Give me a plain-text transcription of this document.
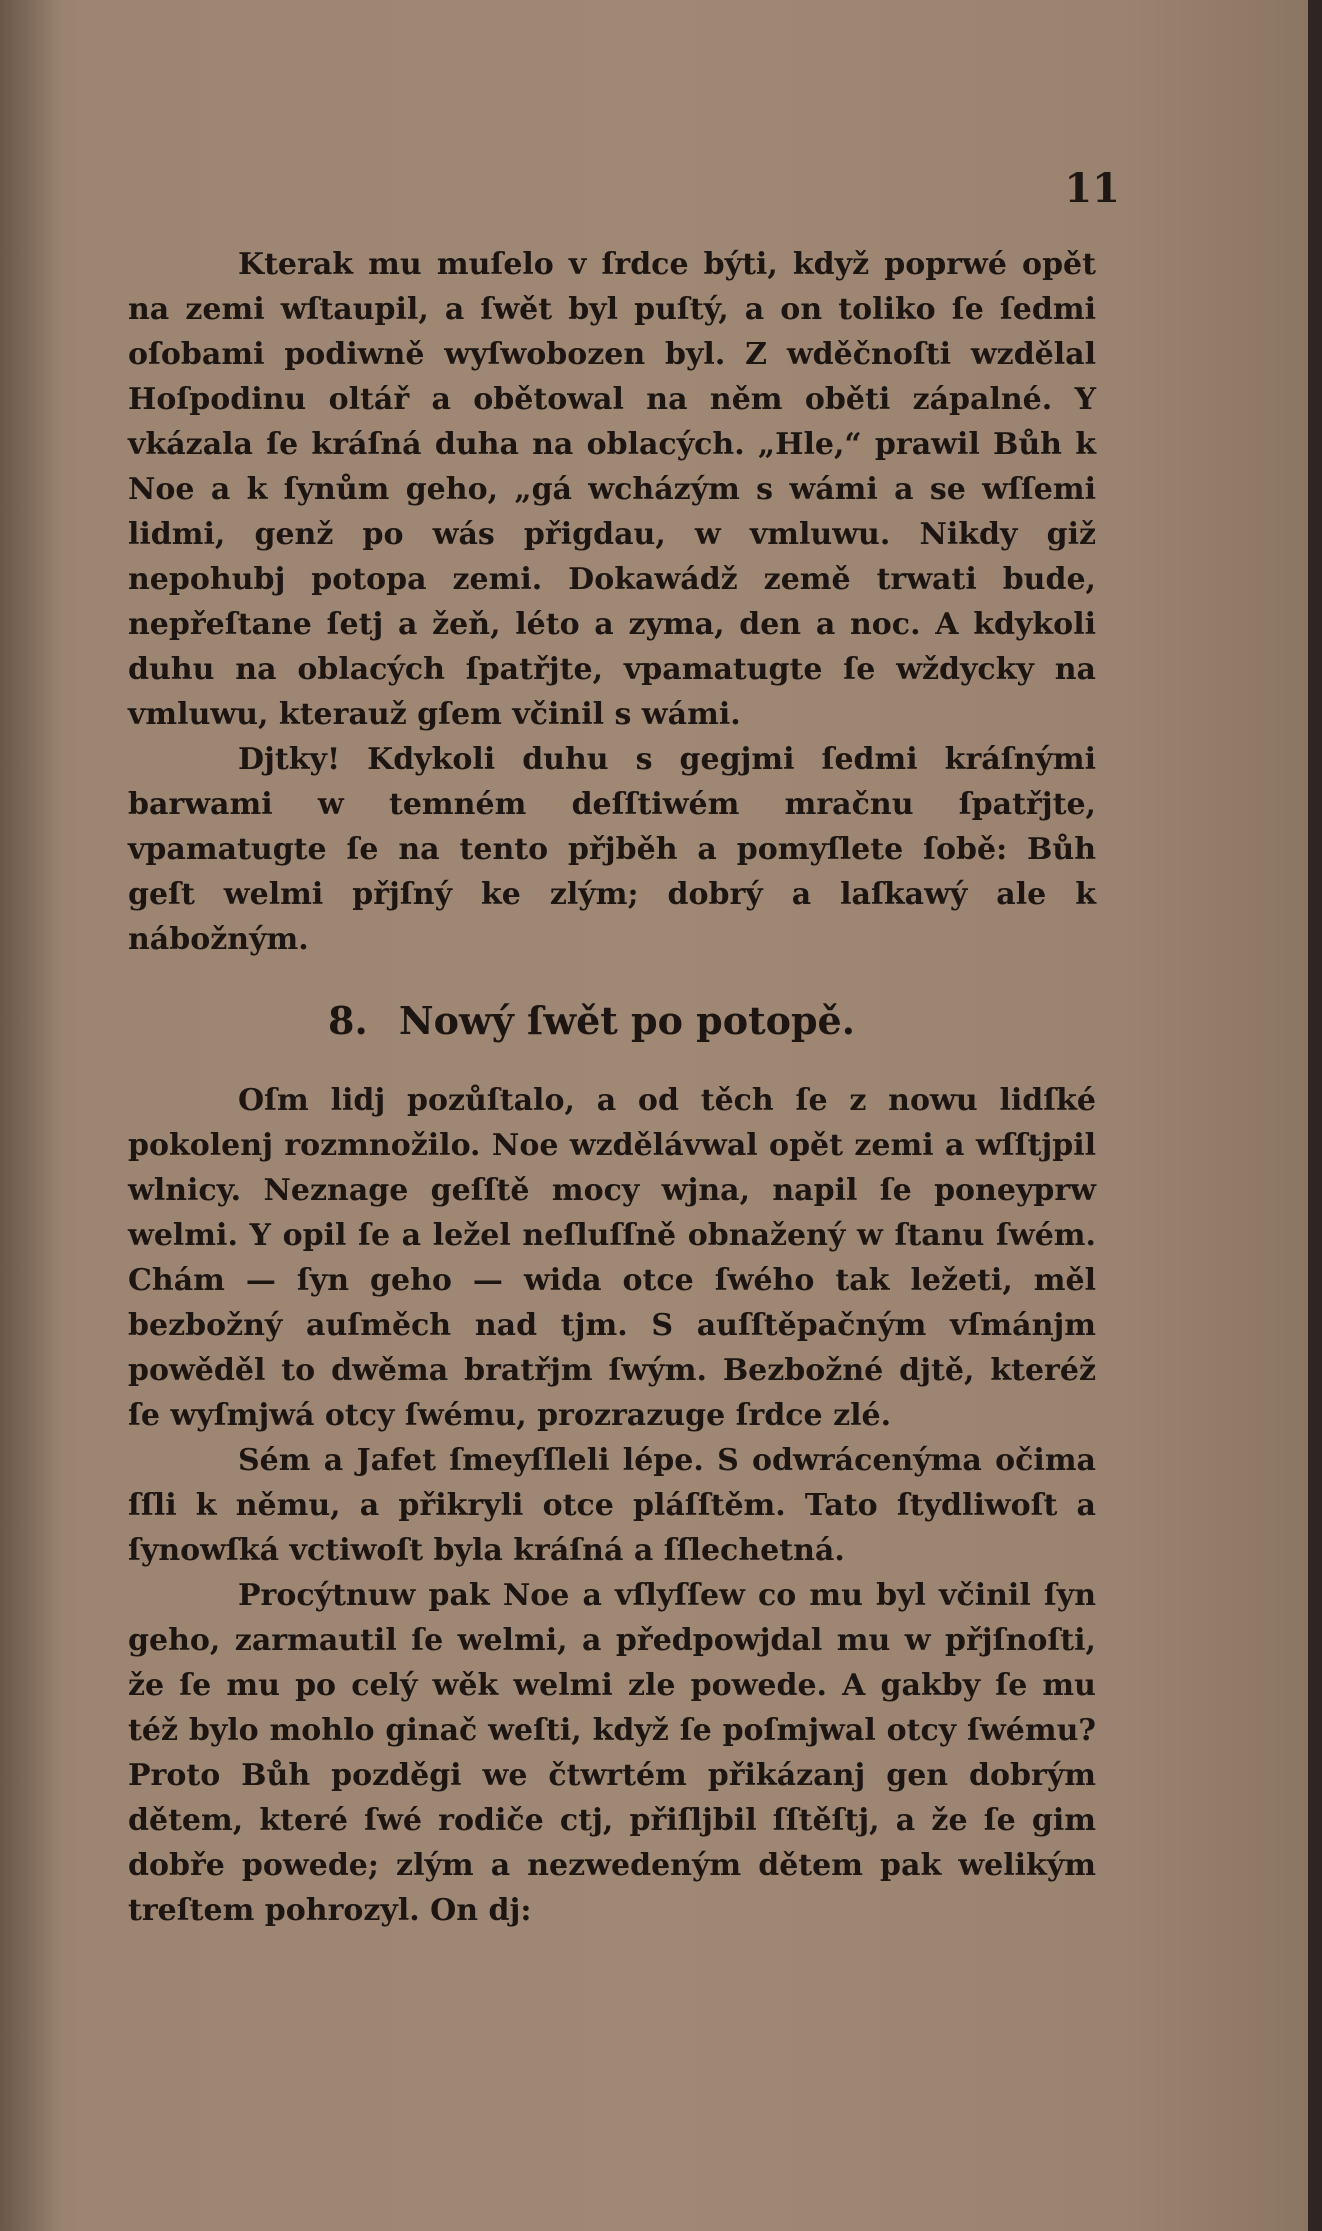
11

Kterak mu muſelo v ſrdce býti, když poprwé opět na zemi wſtaupil, a ſwět byl puſtý, a on toliko ſe ſedmi oſobami podiwně wyſwobozen byl. Z wděčnoſti wzdělal Hoſpodinu oltář a obětowal na něm oběti zápalné. Y vkázala ſe kráſná duha na oblacých. „Hle,“ prawil Bůh k Noe a k ſynům geho, „gá wcházým s wámi a se wſſemi lidmi, genž po wás přigdau, w vmluwu. Nikdy giž nepohubj potopa zemi. Dokawádž země trwati bude, nepřeſtane ſetj a žeň, léto a zyma, den a noc. A kdykoli duhu na oblacých ſpatřjte, vpamatugte ſe wždycky na vmluwu, kterauž gſem včinil s wámi.

Djtky! Kdykoli duhu s gegjmi ſedmi kráſnými barwami w temném deſſtiwém mračnu ſpatřjte, vpamatugte ſe na tento přjběh a pomyſlete ſobě: Bůh geſt welmi přjſný ke zlým; dobrý a laſkawý ale k nábožným.

8. Nowý ſwět po potopě.

Oſm lidj pozůſtalo, a od těch ſe z nowu lidſké pokolenj rozmnožilo. Noe wzdělávwal opět zemi a wſſtjpil wlnicy. Neznage geſſtě mocy wjna, napil ſe poneyprw welmi. Y opil ſe a ležel neſluſſně obnažený w ſtanu ſwém. Chám — ſyn geho — wida otce ſwého tak ležeti, měl bezbožný auſměch nad tjm. S auſſtěpačným vſmánjm powěděl to dwěma bratřjm ſwým. Bezbožné djtě, kteréž ſe wyſmjwá otcy ſwému, prozrazuge ſrdce zlé.

Sém a Jafet ſmeyſſleli lépe. S odwrácenýma očima ſſli k němu, a přikryli otce pláſſtěm. Tato ſtydliwoſt a ſynowſká vctiwoſt byla kráſná a ſſlechetná.

Procýtnuw pak Noe a vſlyſſew co mu byl včinil ſyn geho, zarmautil ſe welmi, a předpowjdal mu w přjſnoſti, že ſe mu po celý wěk welmi zle powede. A gakby ſe mu též bylo mohlo ginač weſti, když ſe poſmjwal otcy ſwému? Proto Bůh pozděgi we čtwrtém přikázanj gen dobrým dětem, které ſwé rodiče ctj, přiſljbil ſſtěſtj, a že ſe gim dobře powede; zlým a nezwedeným dětem pak welikým treſtem pohrozyl. On dj:
